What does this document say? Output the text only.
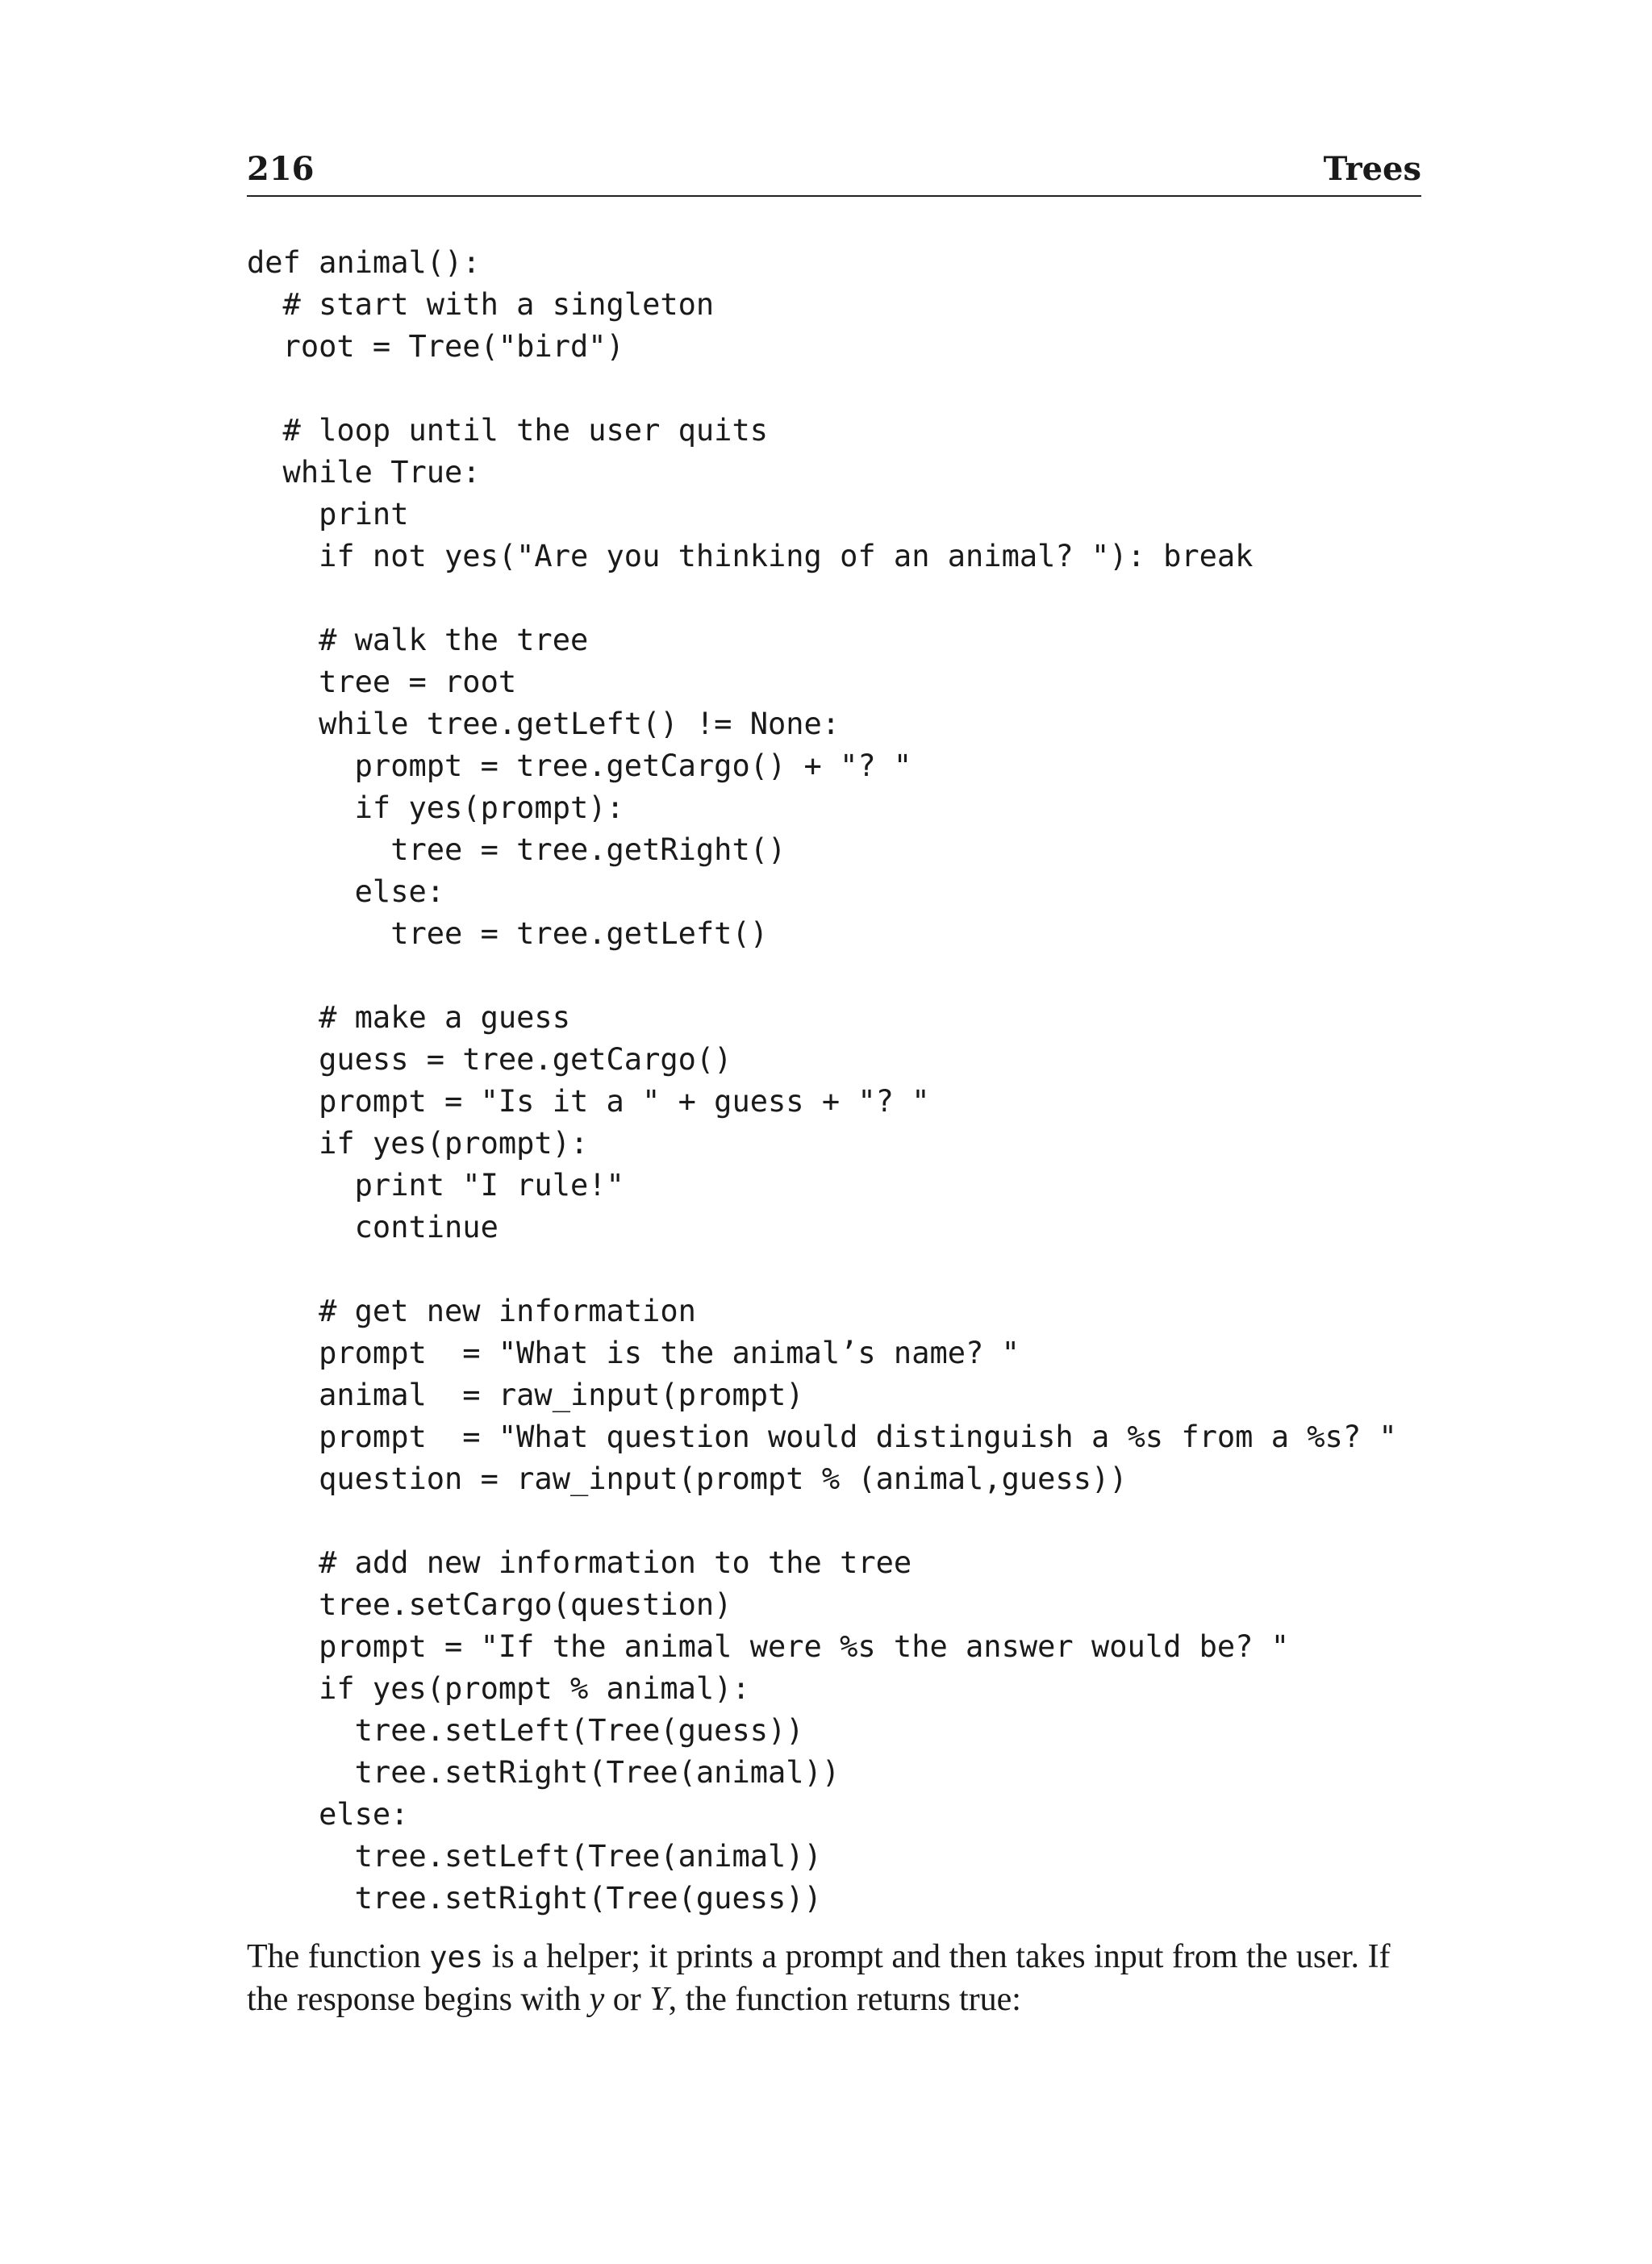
216	Trees
def animal():
# start with a singleton
root = Tree("bird")
# loop until the user quits
while True:
print
if not yes("Are you thinking of an animal? "): break
# walk the tree
tree = root
while tree.getLeft() != None:
prompt = tree.getCargo() + "? "
if yes(prompt):
tree = tree.getRight()
else:
tree = tree.getLeft()
# make a guess
guess = tree.getCargo()
prompt = "Is it a " + guess + "? "
if yes(prompt):
print "I rule!"
continue
# get new information
prompt  = "What is the animal’s name? "
animal  = raw_input(prompt)
prompt  = "What question would distinguish a %s from a %s? "
question = raw_input(prompt % (animal,guess))
# add new information to the tree
tree.setCargo(question)
prompt = "If the animal were %s the answer would be? "
if yes(prompt % animal):
tree.setLeft(Tree(guess))
tree.setRight(Tree(animal))
else:
tree.setLeft(Tree(animal))
tree.setRight(Tree(guess))

The function yes is a helper; it prints a prompt and then takes input from the user. If the response begins with y or Y, the function returns true:
